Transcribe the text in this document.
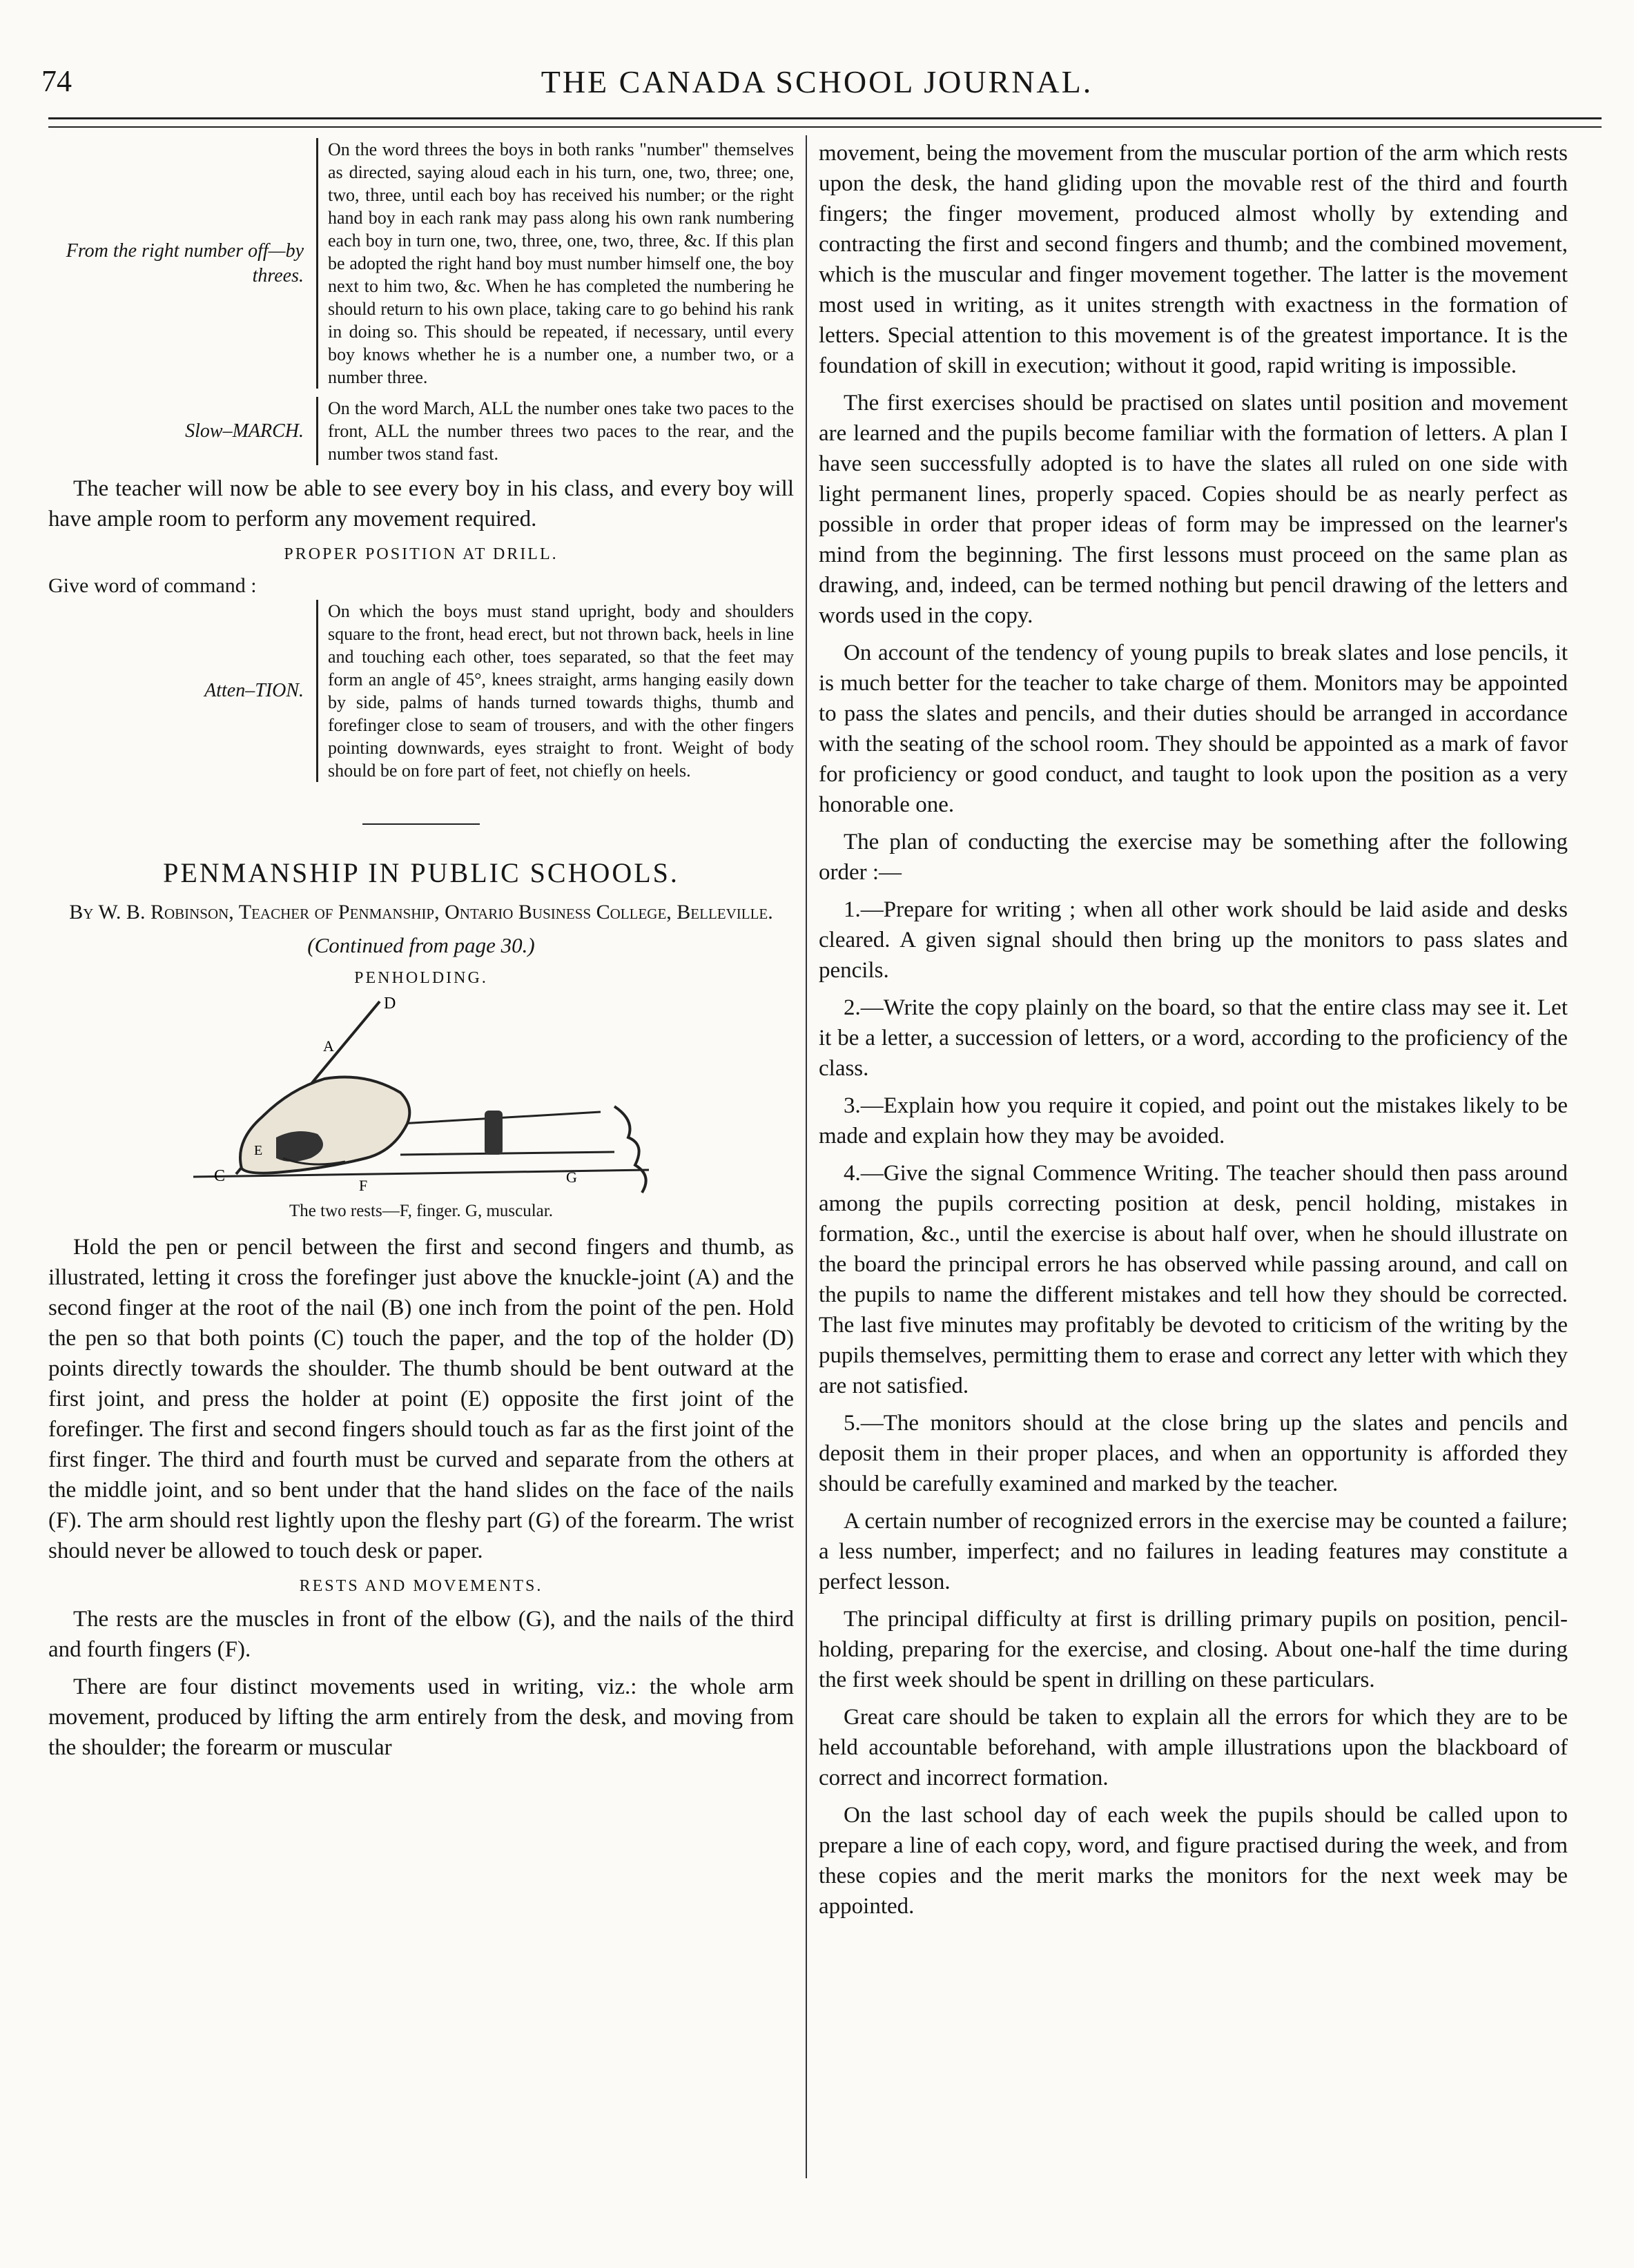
74	THE CANADA SCHOOL JOURNAL.
From the right number off—by threes.
On the word threes the boys in both ranks "number" themselves as directed, saying aloud each in his turn, one, two, three; one, two, three, until each boy has received his number; or the right hand boy in each rank may pass along his own rank numbering each boy in turn one, two, three, one, two, three, &c. If this plan be adopted the right hand boy must number himself one, the boy next to him two, &c. When he has completed the numbering he should return to his own place, taking care to go behind his rank in doing so. This should be repeated, if necessary, until every boy knows whether he is a number one, a number two, or a number three.
Slow–MARCH.
On the word March, ALL the number ones take two paces to the front, ALL the number threes two paces to the rear, and the number twos stand fast.

The teacher will now be able to see every boy in his class, and every boy will have ample room to perform any movement required.

PROPER POSITION AT DRILL.
Give word of command :
Atten–TION.
On which the boys must stand upright, body and shoulders square to the front, head erect, but not thrown back, heels in line and touching each other, toes separated, so that the feet may form an angle of 45°, knees straight, arms hanging easily down by side, palms of hands turned towards thighs, thumb and forefinger close to seam of trousers, and with the other fingers pointing downwards, eyes straight to front. Weight of body should be on fore part of feet, not chiefly on heels.
PENMANSHIP IN PUBLIC SCHOOLS.
By W. B. Robinson, Teacher of Penmanship, Ontario Business College, Belleville.
(Continued from page 30.)
PENHOLDING.
D
A
C
E
F	G
The two rests—F, finger. G, muscular.

Hold the pen or pencil between the first and second fingers and thumb, as illustrated, letting it cross the forefinger just above the knuckle-joint (A) and the second finger at the root of the nail (B) one inch from the point of the pen. Hold the pen so that both points (C) touch the paper, and the top of the holder (D) points directly towards the shoulder. The thumb should be bent outward at the first joint, and press the holder at point (E) opposite the first joint of the forefinger. The first and second fingers should touch as far as the first joint of the first finger. The third and fourth must be curved and separate from the others at the middle joint, and so bent under that the hand slides on the face of the nails (F). The arm should rest lightly upon the fleshy part (G) of the forearm. The wrist should never be allowed to touch desk or paper.

RESTS AND MOVEMENTS.

The rests are the muscles in front of the elbow (G), and the nails of the third and fourth fingers (F).

There are four distinct movements used in writing, viz.: the whole arm movement, produced by lifting the arm entirely from the desk, and moving from the shoulder; the forearm or muscular

movement, being the movement from the muscular portion of the arm which rests upon the desk, the hand gliding upon the movable rest of the third and fourth fingers; the finger movement, produced almost wholly by extending and contracting the first and second fingers and thumb; and the combined movement, which is the muscular and finger movement together. The latter is the movement most used in writing, as it unites strength with exactness in the formation of letters. Special attention to this movement is of the greatest importance. It is the foundation of skill in execution; without it good, rapid writing is impossible.

The first exercises should be practised on slates until position and movement are learned and the pupils become familiar with the formation of letters. A plan I have seen successfully adopted is to have the slates all ruled on one side with light permanent lines, properly spaced. Copies should be as nearly perfect as possible in order that proper ideas of form may be impressed on the learner's mind from the beginning. The first lessons must proceed on the same plan as drawing, and, indeed, can be termed nothing but pencil drawing of the letters and words used in the copy.

On account of the tendency of young pupils to break slates and lose pencils, it is much better for the teacher to take charge of them. Monitors may be appointed to pass the slates and pencils, and their duties should be arranged in accordance with the seating of the school room. They should be appointed as a mark of favor for proficiency or good conduct, and taught to look upon the position as a very honorable one.

The plan of conducting the exercise may be something after the following order :—

1.—Prepare for writing ; when all other work should be laid aside and desks cleared. A given signal should then bring up the monitors to pass slates and pencils.

2.—Write the copy plainly on the board, so that the entire class may see it. Let it be a letter, a succession of letters, or a word, according to the proficiency of the class.

3.—Explain how you require it copied, and point out the mistakes likely to be made and explain how they may be avoided.

4.—Give the signal Commence Writing. The teacher should then pass around among the pupils correcting position at desk, pencil holding, mistakes in formation, &c., until the exercise is about half over, when he should illustrate on the board the principal errors he has observed while passing around, and call on the pupils to name the different mistakes and tell how they should be corrected. The last five minutes may profitably be devoted to criticism of the writing by the pupils themselves, permitting them to erase and correct any letter with which they are not satisfied.

5.—The monitors should at the close bring up the slates and pencils and deposit them in their proper places, and when an opportunity is afforded they should be carefully examined and marked by the teacher.

A certain number of recognized errors in the exercise may be counted a failure; a less number, imperfect; and no failures in leading features may constitute a perfect lesson.

The principal difficulty at first is drilling primary pupils on position, pencil-holding, preparing for the exercise, and closing. About one-half the time during the first week should be spent in drilling on these particulars.

Great care should be taken to explain all the errors for which they are to be held accountable beforehand, with ample illustrations upon the blackboard of correct and incorrect formation.

On the last school day of each week the pupils should be called upon to prepare a line of each copy, word, and figure practised during the week, and from these copies and the merit marks the monitors for the next week may be appointed.
